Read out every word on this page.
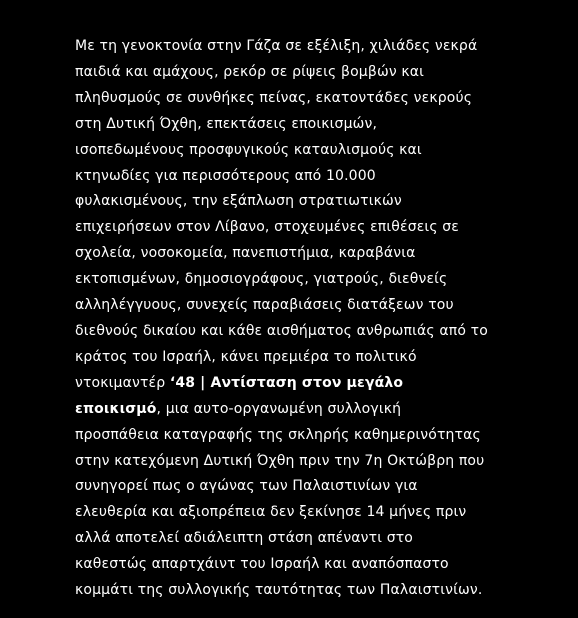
Με τη γενοκτονία στην Γάζα σε εξέλιξη, χιλιάδες νεκρά
παιδιά και αμάχους, ρεκόρ σε ρίψεις βομβών και
πληθυσμούς σε συνθήκες πείνας, εκατοντάδες νεκρούς
στη Δυτική Όχθη, επεκτάσεις εποικισμών,
ισοπεδωμένους προσφυγικούς καταυλισμούς και
κτηνωδίες για περισσότερους από 10.000
φυλακισμένους, την εξάπλωση στρατιωτικών
επιχειρήσεων στον Λίβανο, στοχευμένες επιθέσεις σε
σχολεία, νοσοκομεία, πανεπιστήμια, καραβάνια
εκτοπισμένων, δημοσιογράφους, γιατρούς, διεθνείς
αλληλέγγυους, συνεχείς παραβιάσεις διατάξεων του
διεθνούς δικαίου και κάθε αισθήματος ανθρωπιάς από το
κράτος του Ισραήλ, κάνει πρεμιέρα το πολιτικό
ντοκιμαντέρ ‘48 | Αντίσταση στον μεγάλο
εποικισμό, μια αυτο-οργανωμένη συλλογική
προσπάθεια καταγραφής της σκληρής καθημερινότητας
στην κατεχόμενη Δυτική Όχθη πριν την 7η Οκτώβρη που
συνηγορεί πως ο αγώνας των Παλαιστινίων για
ελευθερία και αξιοπρέπεια δεν ξεκίνησε 14 μήνες πριν
αλλά αποτελεί αδιάλειπτη στάση απέναντι στο
καθεστώς απαρτχάιντ του Ισραήλ και αναπόσπαστο
κομμάτι της συλλογικής ταυτότητας των Παλαιστινίων.
